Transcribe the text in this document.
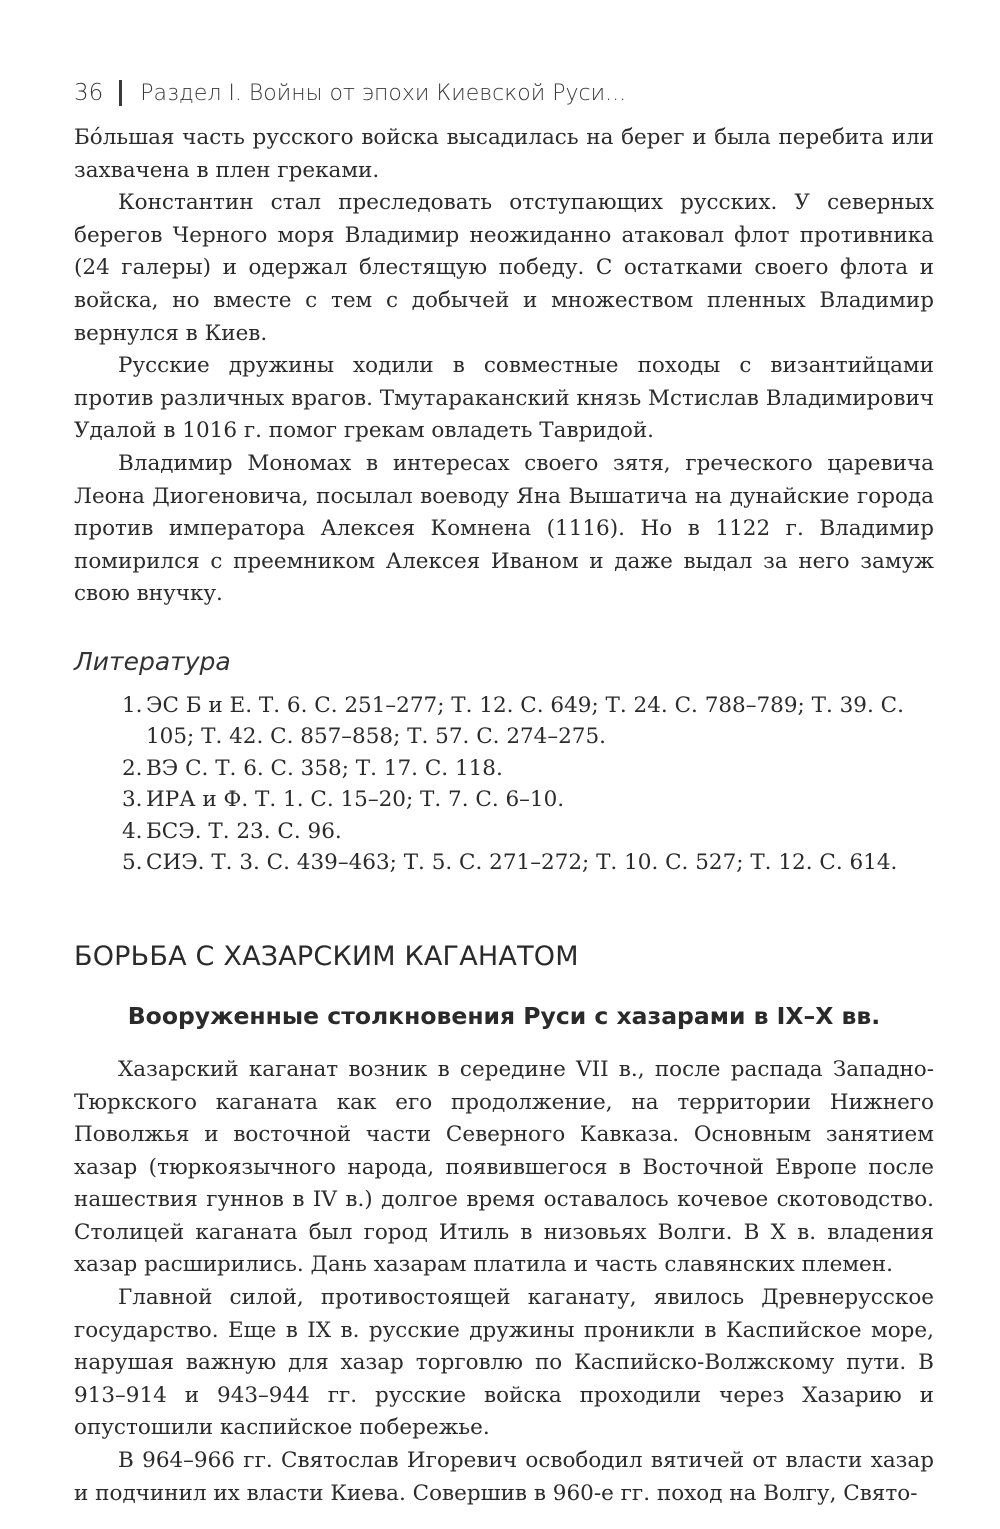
36 Раздел I. Войны от эпохи Киевской Руси...

Бóльшая часть русского войска высадилась на берег и была перебита или захвачена в плен греками.

Константин стал преследовать отступающих русских. У северных берегов Черного моря Владимир неожиданно атаковал флот противника (24 галеры) и одержал блестящую победу. С остатками своего флота и войска, но вместе с тем с добычей и множеством пленных Владимир вернулся в Киев.

Русские дружины ходили в совместные походы с византийцами против различных врагов. Тмутараканский князь Мстислав Владимирович Удалой в 1016 г. помог грекам овладеть Тавридой.

Владимир Мономах в интересах своего зятя, греческого царевича Леона Диогеновича, посылал воеводу Яна Вышатича на дунайские города против императора Алексея Комнена (1116). Но в 1122 г. Владимир помирился с преемником Алексея Иваном и даже выдал за него замуж свою внучку.

Литература
1. ЭС Б и Е. Т. 6. С. 251–277; Т. 12. С. 649; Т. 24. С. 788–789; Т. 39. С. 105; Т. 42. С. 857–858; Т. 57. С. 274–275.
2. ВЭ С. Т. 6. С. 358; Т. 17. С. 118.
3. ИРА и Ф. Т. 1. С. 15–20; Т. 7. С. 6–10.
4. БСЭ. Т. 23. С. 96.
5. СИЭ. Т. 3. С. 439–463; Т. 5. С. 271–272; Т. 10. С. 527; Т. 12. С. 614.
БОРЬБА С ХАЗАРСКИМ КАГАНАТОМ
Вооруженные столкновения Руси с хазарами в IX–X вв.

Хазарский каганат возник в середине VII в., после распада Западно-Тюркского каганата как его продолжение, на территории Нижнего Поволжья и восточной части Северного Кавказа. Основным занятием хазар (тюркоязычного народа, появившегося в Восточной Европе после нашествия гуннов в IV в.) долгое время оставалось кочевое скотоводство. Столицей каганата был город Итиль в низовьях Волги. В X в. владения хазар расширились. Дань хазарам платила и часть славянских племен.

Главной силой, противостоящей каганату, явилось Древнерусское государство. Еще в IX в. русские дружины проникли в Каспийское море, нарушая важную для хазар торговлю по Каспийско-Волжскому пути. В 913–914 и 943–944 гг. русские войска проходили через Хазарию и опустошили каспийское побережье.

В 964–966 гг. Святослав Игоревич освободил вятичей от власти хазар и подчинил их власти Киева. Совершив в 960-е гг. поход на Волгу, Свято-
